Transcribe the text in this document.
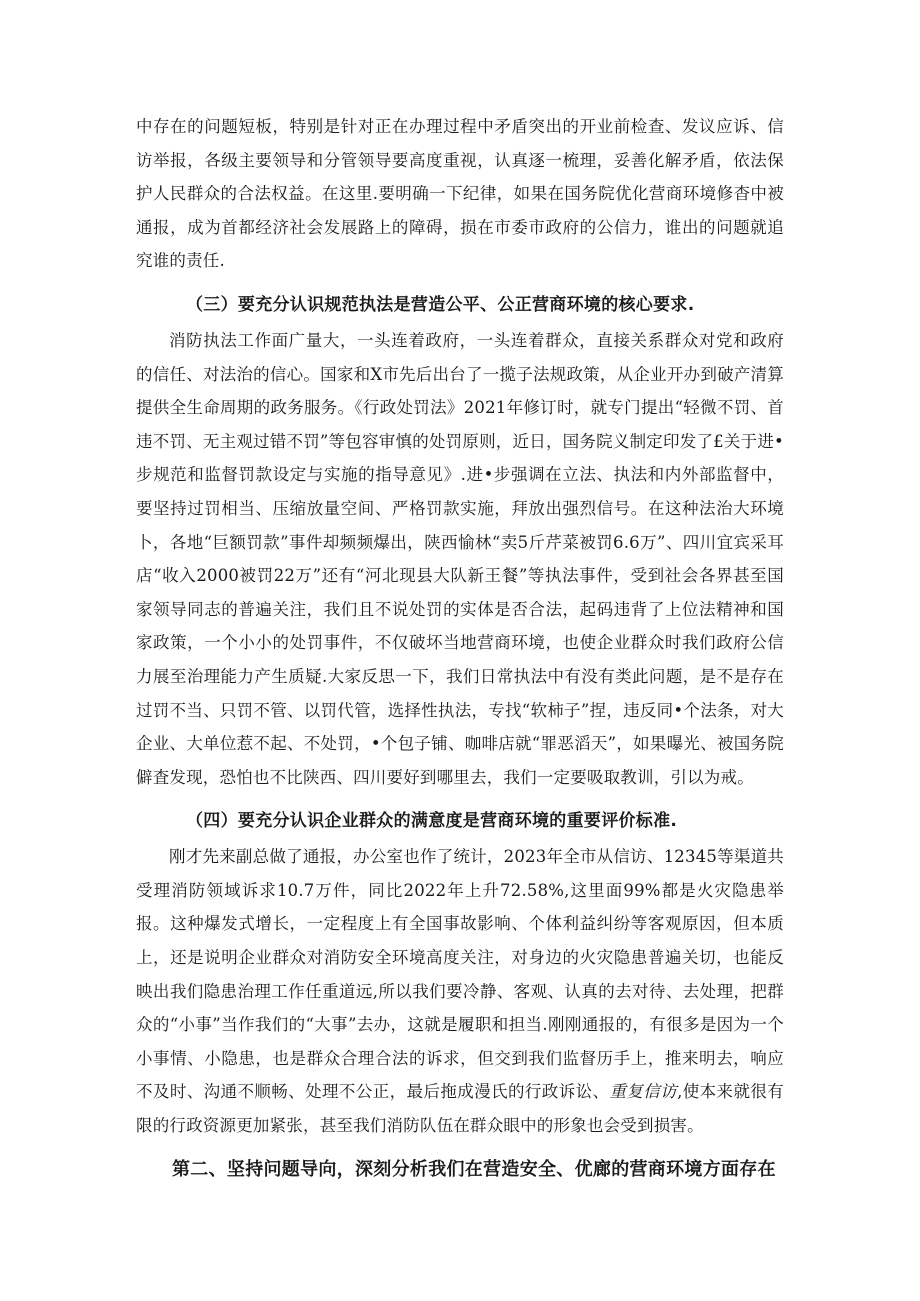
中存在的问题短板，特别是针对正在办理过程中矛盾突出的开业前检查、发议应诉、信访举报，各级主要领导和分管领导要高度重视，认真逐一梳理，妥善化解矛盾，依法保护人民群众的合法权益。在这里.要明确一下纪律，如果在国务院优化营商环境修杳中被通报，成为首都经济社会发展路上的障碍，损在市委市政府的公信力，谁出的问题就追究谁的责任.

（三）要充分认识规范执法是营造公平、公正营商环境的核心要求.

消防执法工作面广量大，一头连着政府，一头连着群众，直接关系群众对党和政府的信任、对法治的信心。国家和X市先后出台了一揽子法规政策，从企业开办到破产清算提供全生命周期的政务服务。《行政处罚法》2021年修订时，就专门提出“轻微不罚、首违不罚、无主观过错不罚”等包容审慎的处罚原则，近日，国务院义制定印发了£关于进•步规范和监督罚款设定与实施的指导意见》.进•步强调在立法、执法和内外部监督中，要坚持过罚相当、压缩放量空间、严格罚款实施，拜放出强烈信号。在这种法治大环境卜，各地“巨额罚款”事件却频频爆出，陕西愉林“卖5斤芹菜被罚6.6万”、四川宜宾采耳店“收入2000被罚22万”还有“河北现县大队新王餐”等执法事件，受到社会各界甚至国家领导同志的普遍关注，我们且不说处罚的实体是否合法，起码违背了上位法精神和国家政策，一个小小的处罚事件，不仅破坏当地营商环境，也使企业群众时我们政府公信力展至治理能力产生质疑.大家反思一下，我们日常执法中有没有类此问题，是不是存在过罚不当、只罚不管、以罚代管，选择性执法，专找“软柿子”捏，违反同•个法条，对大企业、大单位惹不起、不处罚，•个包子铺、咖啡店就“罪恶滔天”，如果曝光、被国务院僻査发现，恐怕也不比陕西、四川要好到哪里去，我们一定要吸取教训，引以为戒。

（四）要充分认识企业群众的满意度是营商环境的重要评价标准.

刚才先来副总做了通报，办公室也作了统计，2023年全市从信访、12345等渠道共受理消防领域诉求10.7万件，同比2022年上升72.58%,这里面99%都是火灾隐患举报。这种爆发式增长，一定程度上有全国事故影响、个体利益纠纷等客观原因，但本质上，还是说明企业群众对消防安全环境高度关注，对身边的火灾隐患普遍关切，也能反映出我们隐患治理工作任重道远,所以我们要冷静、客观、认真的去对待、去处理，把群众的“小事”当作我们的“大事”去办，这就是履职和担当.刚刚通报的，有很多是因为一个小事情、小隐患，也是群众合理合法的诉求，但交到我们监督历手上，推来明去，响应不及时、沟通不顺畅、处理不公正，最后拖成漫氏的行政诉讼、重复信访,使本来就很有限的行政资源更加紧张，甚至我们消防队伍在群众眼中的形象也会受到损害。

第二、坚持问题导向，深刻分析我们在营造安全、优廊的营商环境方面存在
